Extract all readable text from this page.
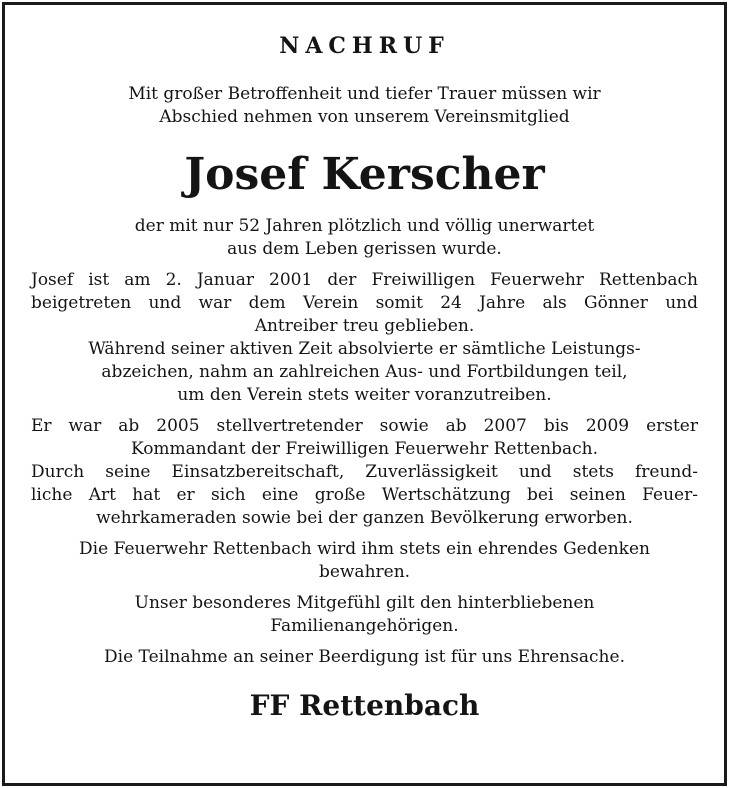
NACHRUF
Mit großer Betroffenheit und tiefer Trauer müssen wir
Abschied nehmen von unserem Vereinsmitglied
Josef Kerscher
der mit nur 52 Jahren plötzlich und völlig unerwartet
aus dem Leben gerissen wurde.
Josef ist am 2. Januar 2001 der Freiwilligen Feuerwehr Rettenbach
beigetreten und war dem Verein somit 24 Jahre als Gönner und
Antreiber treu geblieben.
Während seiner aktiven Zeit absolvierte er sämtliche Leistungs-
abzeichen, nahm an zahlreichen Aus- und Fortbildungen teil,
um den Verein stets weiter voranzutreiben.
Er war ab 2005 stellvertretender sowie ab 2007 bis 2009 erster
Kommandant der Freiwilligen Feuerwehr Rettenbach.
Durch seine Einsatzbereitschaft, Zuverlässigkeit und stets freund-
liche Art hat er sich eine große Wertschätzung bei seinen Feuer-
wehrkameraden sowie bei der ganzen Bevölkerung erworben.
Die Feuerwehr Rettenbach wird ihm stets ein ehrendes Gedenken
bewahren.
Unser besonderes Mitgefühl gilt den hinterbliebenen
Familienangehörigen.
Die Teilnahme an seiner Beerdigung ist für uns Ehrensache.
FF Rettenbach
